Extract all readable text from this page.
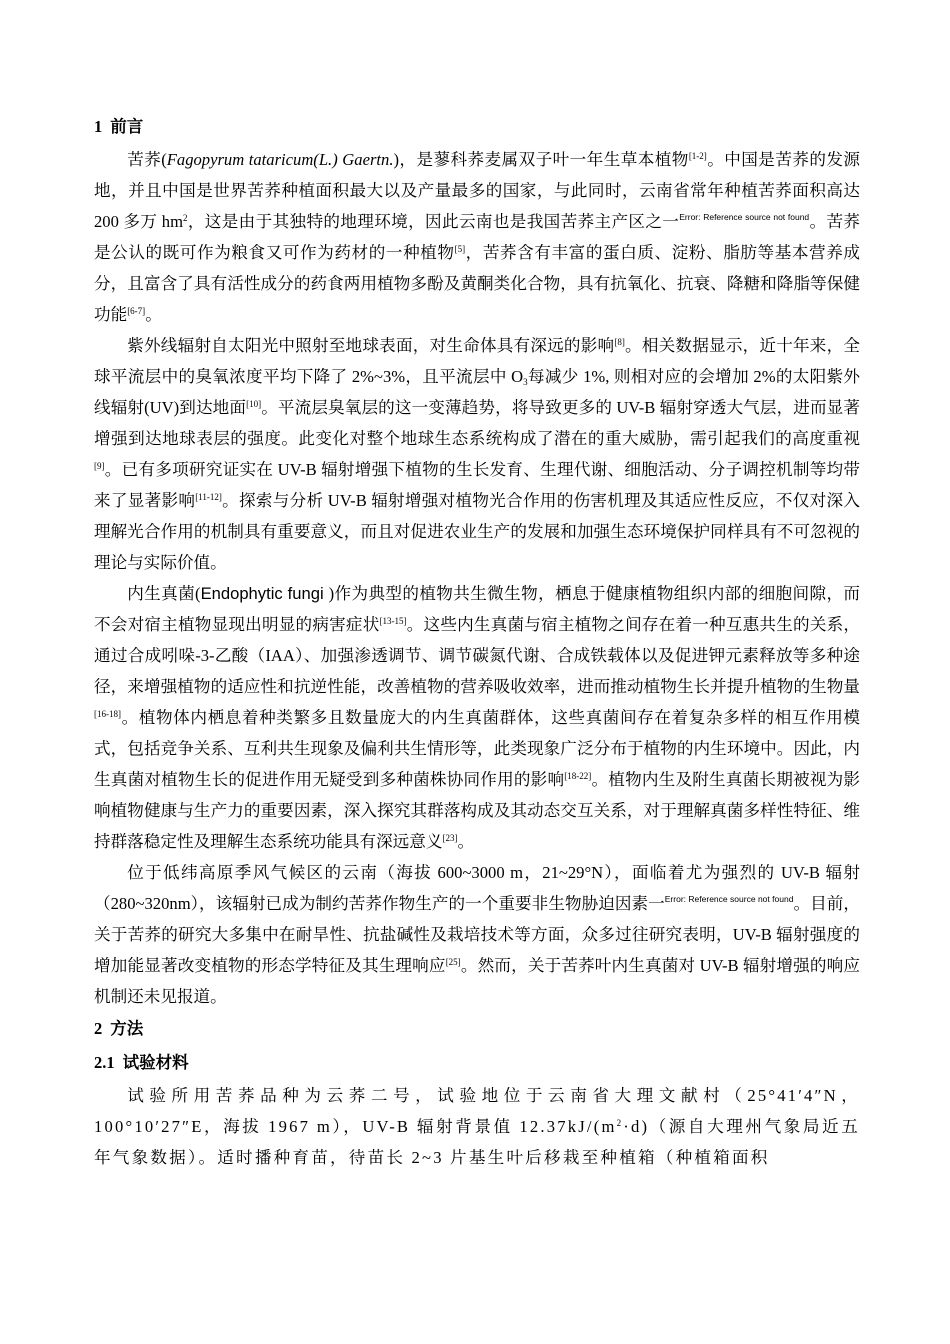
1 前言

苦荞(Fagopyrum tataricum(L.) Gaertn.)，是蓼科荞麦属双子叶一年生草本植物[1-2]。中国是苦荞的发源地，并且中国是世界苦荞种植面积最大以及产量最多的国家，与此同时，云南省常年种植苦荞面积高达 200 多万 $hm^2$，这是由于其独特的地理环境，因此云南也是我国苦荞主产区之一$^{Error: Reference source not found}$。苦荞是公认的既可作为粮食又可作为药材的一种植物[5]，苦荞含有丰富的蛋白质、淀粉、脂肪等基本营养成分，且富含了具有活性成分的药食两用植物多酚及黄酮类化合物，具有抗氧化、抗衰、降糖和降脂等保健功能[6-7]。

紫外线辐射自太阳光中照射至地球表面，对生命体具有深远的影响[8]。相关数据显示，近十年来，全球平流层中的臭氧浓度平均下降了 2%~3%，且平流层中 $O_3$每减少 1%, 则相对应的会增加 2%的太阳紫外线辐射(UV)到达地面[10]。平流层臭氧层的这一变薄趋势，将导致更多的 UV-B 辐射穿透大气层，进而显著增强到达地球表层的强度。此变化对整个地球生态系统构成了潜在的重大威胁，需引起我们的高度重视[9]。已有多项研究证实在 UV-B 辐射增强下植物的生长发育、生理代谢、细胞活动、分子调控机制等均带来了显著影响[11-12]。探索与分析 UV-B 辐射增强对植物光合作用的伤害机理及其适应性反应，不仅对深入理解光合作用的机制具有重要意义，而且对促进农业生产的发展和加强生态环境保护同样具有不可忽视的理论与实际价值。

内生真菌(Endophytic fungi )作为典型的植物共生微生物，栖息于健康植物组织内部的细胞间隙，而不会对宿主植物显现出明显的病害症状[13-15]。这些内生真菌与宿主植物之间存在着一种互惠共生的关系，通过合成吲哚-3-乙酸（IAA）、加强渗透调节、调节碳氮代谢、合成铁载体以及促进钾元素释放等多种途径，来增强植物的适应性和抗逆性能，改善植物的营养吸收效率，进而推动植物生长并提升植物的生物量[16-18]。植物体内栖息着种类繁多且数量庞大的内生真菌群体，这些真菌间存在着复杂多样的相互作用模式，包括竞争关系、互利共生现象及偏利共生情形等，此类现象广泛分布于植物的内生环境中。因此，内生真菌对植物生长的促进作用无疑受到多种菌株协同作用的影响[18-22]。植物内生及附生真菌长期被视为影响植物健康与生产力的重要因素，深入探究其群落构成及其动态交互关系，对于理解真菌多样性特征、维持群落稳定性及理解生态系统功能具有深远意义[23]。

位于低纬高原季风气候区的云南（海拔 600~3000 m，21~29°N），面临着尤为强烈的 UV-B 辐射（280~320nm），该辐射已成为制约苦荞作物生产的一个重要非生物胁迫因素一$^{Error: Reference source not found}$。目前，关于苦荞的研究大多集中在耐旱性、抗盐碱性及栽培技术等方面，众多过往研究表明，UV-B 辐射强度的增加能显著改变植物的形态学特征及其生理响应[25]。然而，关于苦荞叶内生真菌对 UV-B 辐射增强的响应机制还未见报道。

2 方法
2.1 试验材料

试验所用苦荞品种为云荞二号，试验地位于云南省大理文献村（25°41′4″N，100°10′27″E，海拔 1967 m），UV-B 辐射背景值 $12.37kJ/(m^2\cdot d)$（源自大理州气象局近五年气象数据）。适时播种育苗，待苗长 2~3 片基生叶后移栽至种植箱（种植箱面积
